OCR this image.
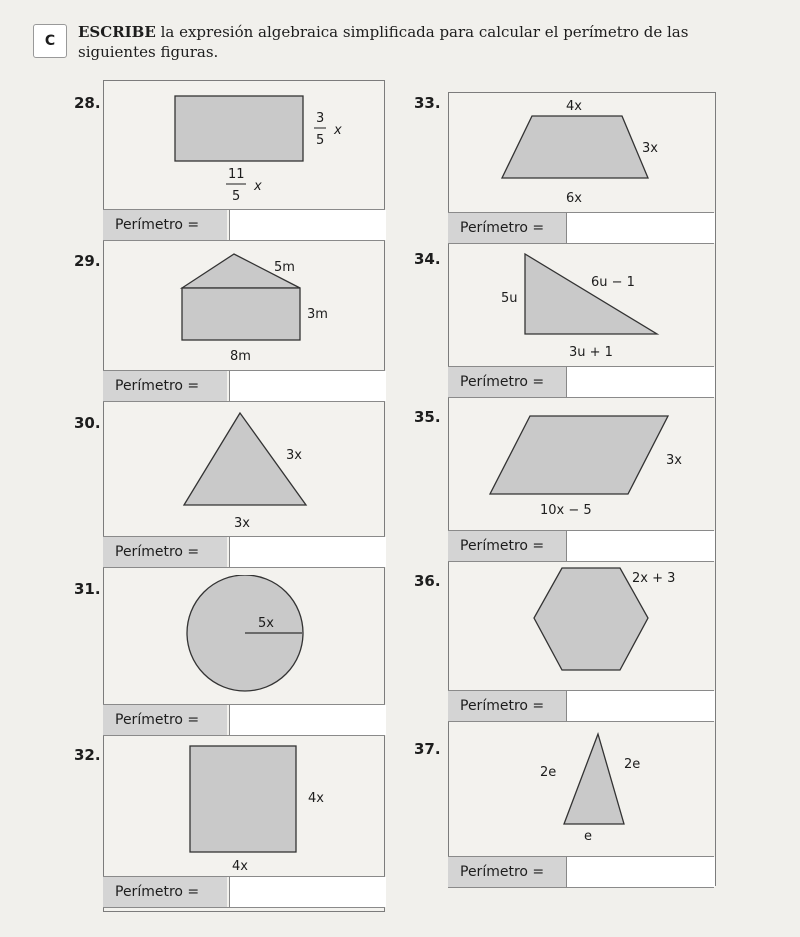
C	ESCRIBE la expresión algebraica simplificada para calcular el perímetro de las siguientes figuras.
28.
3
5
x
11
5
x
Perímetro =
29.	5m
3m
8m
Perímetro =
30.
3x
3x
Perímetro =
31.
5x
Perímetro =
32.
4x
4x
Perímetro =
33.	4x
3x
6x
Perímetro =
34.
6u − 1
5u
3u + 1
Perímetro =
35.
3x
10x − 5
Perímetro =
36.	2x + 3
Perímetro =
37.
2e
2e
e
Perímetro =
